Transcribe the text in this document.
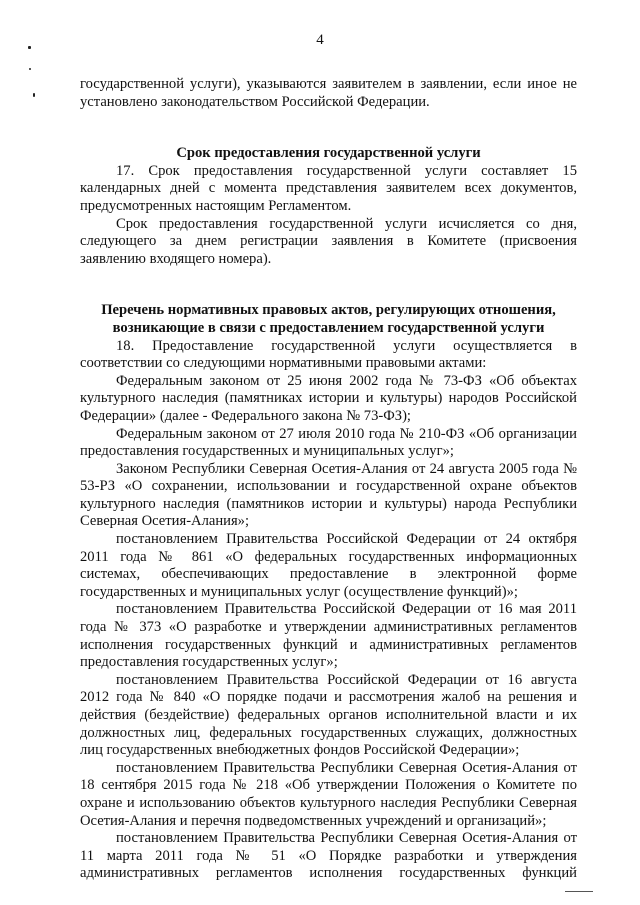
4

государственной услуги), указываются заявителем в заявлении, если иное не установлено законодательством Российской Федерации.

Срок предоставления государственной услуги

17. Срок предоставления государственной услуги составляет 15 календарных дней с момента представления заявителем всех документов, предусмотренных настоящим Регламентом.

Срок предоставления государственной услуги исчисляется со дня, следующего за днем регистрации заявления в Комитете (присвоения заявлению входящего номера).

Перечень нормативных правовых актов, регулирующих отношения, возникающие в связи с предоставлением государственной услуги

18. Предоставление государственной услуги осуществляется в соответствии со следующими нормативными правовыми актами:

Федеральным законом от 25 июня 2002 года № 73-ФЗ «Об объектах культурного наследия (памятниках истории и культуры) народов Российской Федерации» (далее - Федерального закона № 73-ФЗ);

Федеральным законом от 27 июля 2010 года № 210-ФЗ «Об организации предоставления государственных и муниципальных услуг»;

Законом Республики Северная Осетия-Алания от 24 августа 2005 года № 53-РЗ «О сохранении, использовании и государственной охране объектов культурного наследия (памятников истории и культуры) народа Республики Северная Осетия-Алания»;

постановлением Правительства Российской Федерации от 24 октября 2011 года № 861 «О федеральных государственных информационных системах, обеспечивающих предоставление в электронной форме государственных и муниципальных услуг (осуществление функций)»;

постановлением Правительства Российской Федерации от 16 мая 2011 года № 373 «О разработке и утверждении административных регламентов исполнения государственных функций и административных регламентов предоставления государственных услуг»;

постановлением Правительства Российской Федерации от 16 августа 2012 года № 840 «О порядке подачи и рассмотрения жалоб на решения и действия (бездействие) федеральных органов исполнительной власти и их должностных лиц, федеральных государственных служащих, должностных лиц государственных внебюджетных фондов Российской Федерации»;

постановлением Правительства Республики Северная Осетия-Алания от 18 сентября 2015 года № 218 «Об утверждении Положения о Комитете по охране и использованию объектов культурного наследия Республики Северная Осетия-Алания и перечня подведомственных учреждений и организаций»;

постановлением Правительства Республики Северная Осетия-Алания от 11 марта 2011 года № 51 «О Порядке разработки и утверждения административных регламентов исполнения государственных функций
